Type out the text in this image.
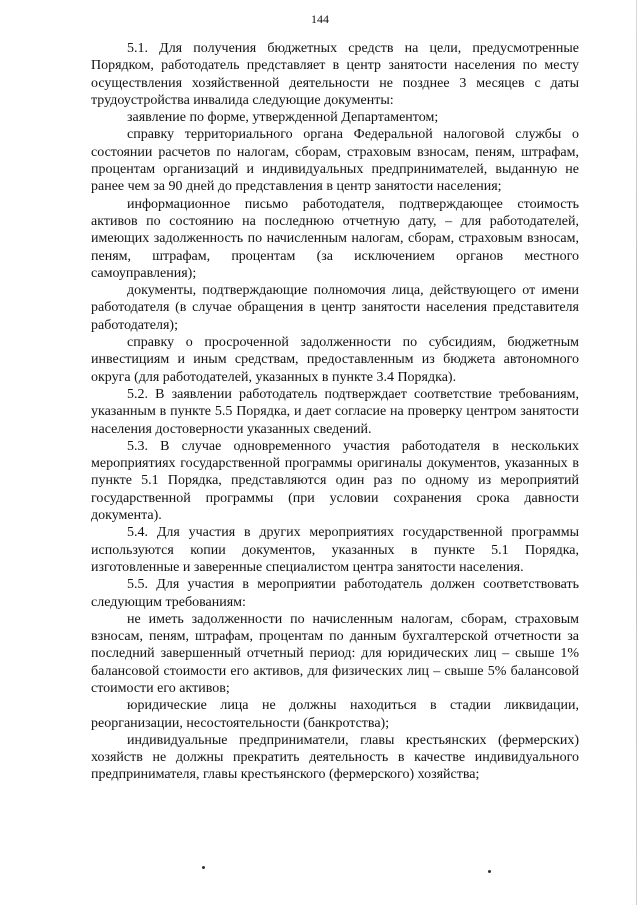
144

5.1. Для получения бюджетных средств на цели, предусмотренные Порядком, работодатель представляет в центр занятости населения по месту осуществления хозяйственной деятельности не позднее 3 месяцев с даты трудоустройства инвалида следующие документы:

заявление по форме, утвержденной Департаментом;

справку территориального органа Федеральной налоговой службы о состоянии расчетов по налогам, сборам, страховым взносам, пеням, штрафам, процентам организаций и индивидуальных предпринимателей, выданную не ранее чем за 90 дней до представления в центр занятости населения;

информационное письмо работодателя, подтверждающее стоимость активов по состоянию на последнюю отчетную дату, – для работодателей, имеющих задолженность по начисленным налогам, сборам, страховым взносам, пеням, штрафам, процентам (за исключением органов местного самоуправления);

документы, подтверждающие полномочия лица, действующего от имени работодателя (в случае обращения в центр занятости населения представителя работодателя);

справку о просроченной задолженности по субсидиям, бюджетным инвестициям и иным средствам, предоставленным из бюджета автономного округа (для работодателей, указанных в пункте 3.4 Порядка).

5.2. В заявлении работодатель подтверждает соответствие требованиям, указанным в пункте 5.5 Порядка, и дает согласие на проверку центром занятости населения достоверности указанных сведений.

5.3. В случае одновременного участия работодателя в нескольких мероприятиях государственной программы оригиналы документов, указанных в пункте 5.1 Порядка, представляются один раз по одному из мероприятий государственной программы (при условии сохранения срока давности документа).

5.4. Для участия в других мероприятиях государственной программы используются копии документов, указанных в пункте 5.1 Порядка, изготовленные и заверенные специалистом центра занятости населения.

5.5. Для участия в мероприятии работодатель должен соответствовать следующим требованиям:

не иметь задолженности по начисленным налогам, сборам, страховым взносам, пеням, штрафам, процентам по данным бухгалтерской отчетности за последний завершенный отчетный период: для юридических лиц – свыше 1% балансовой стоимости его активов, для физических лиц – свыше 5% балансовой стоимости его активов;

юридические лица не должны находиться в стадии ликвидации, реорганизации, несостоятельности (банкротства);

индивидуальные предприниматели, главы крестьянских (фермерских) хозяйств не должны прекратить деятельность в качестве индивидуального предпринимателя, главы крестьянского (фермерского) хозяйства;
